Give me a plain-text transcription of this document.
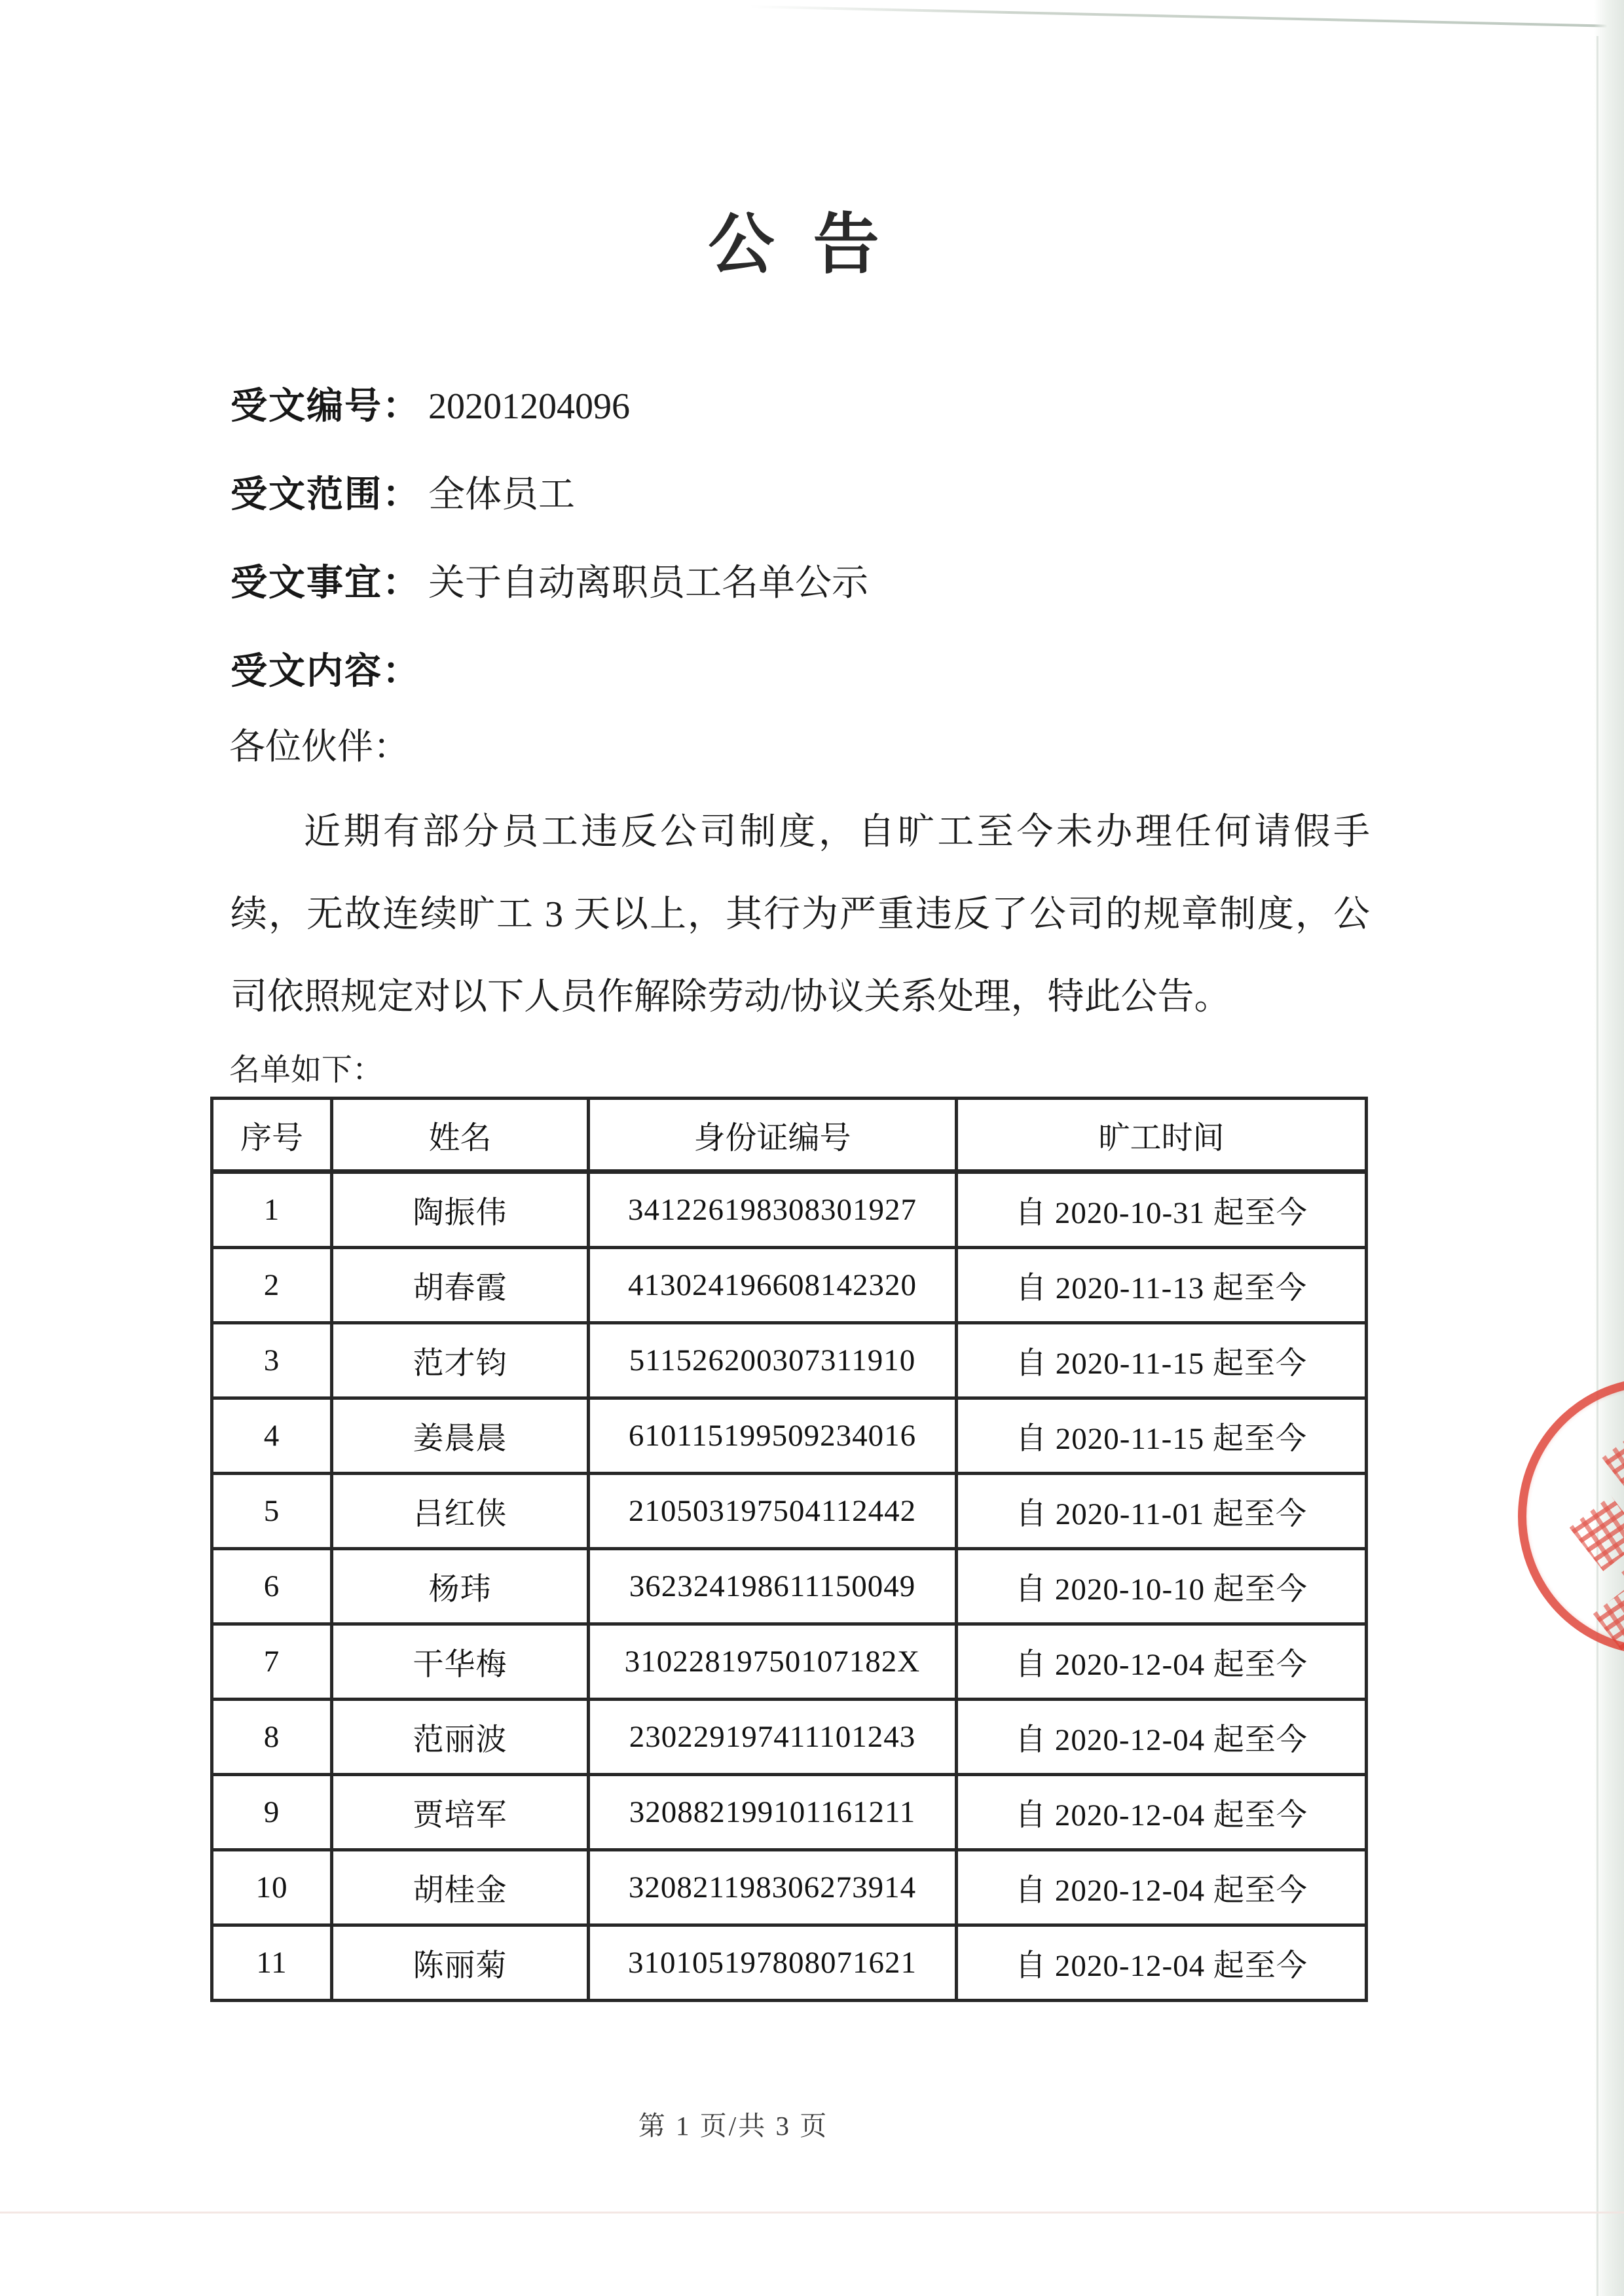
公 告
受文编号： 20201204096
受文范围： 全体员工
受文事宜： 关于自动离职员工名单公示
受文内容：
各位伙伴：
近期有部分员工违反公司制度，自旷工至今未办理任何请假手
续，无故连续旷工 3 天以上，其行为严重违反了公司的规章制度，公
司依照规定对以下人员作解除劳动/协议关系处理，特此公告。
名单如下：
序号	姓名	身份证编号	旷工时间
1	陶振伟	341226198308301927	自 2020-10-31 起至今
2	胡春霞	413024196608142320	自 2020-11-13 起至今
3	范才钧	511526200307311910	自 2020-11-15 起至今
4	姜晨晨	610115199509234016	自 2020-11-15 起至今
5	吕红侠	210503197504112442	自 2020-11-01 起至今
6	杨玮	362324198611150049	自 2020-10-10 起至今
7	干华梅	31022819750107182X	自 2020-12-04 起至今
8	范丽波	230229197411101243	自 2020-12-04 起至今
9	贾培军	320882199101161211	自 2020-12-04 起至今
10	胡桂金	320821198306273914	自 2020-12-04 起至今
11	陈丽菊	310105197808071621	自 2020-12-04 起至今
第 1 页/共 3 页
